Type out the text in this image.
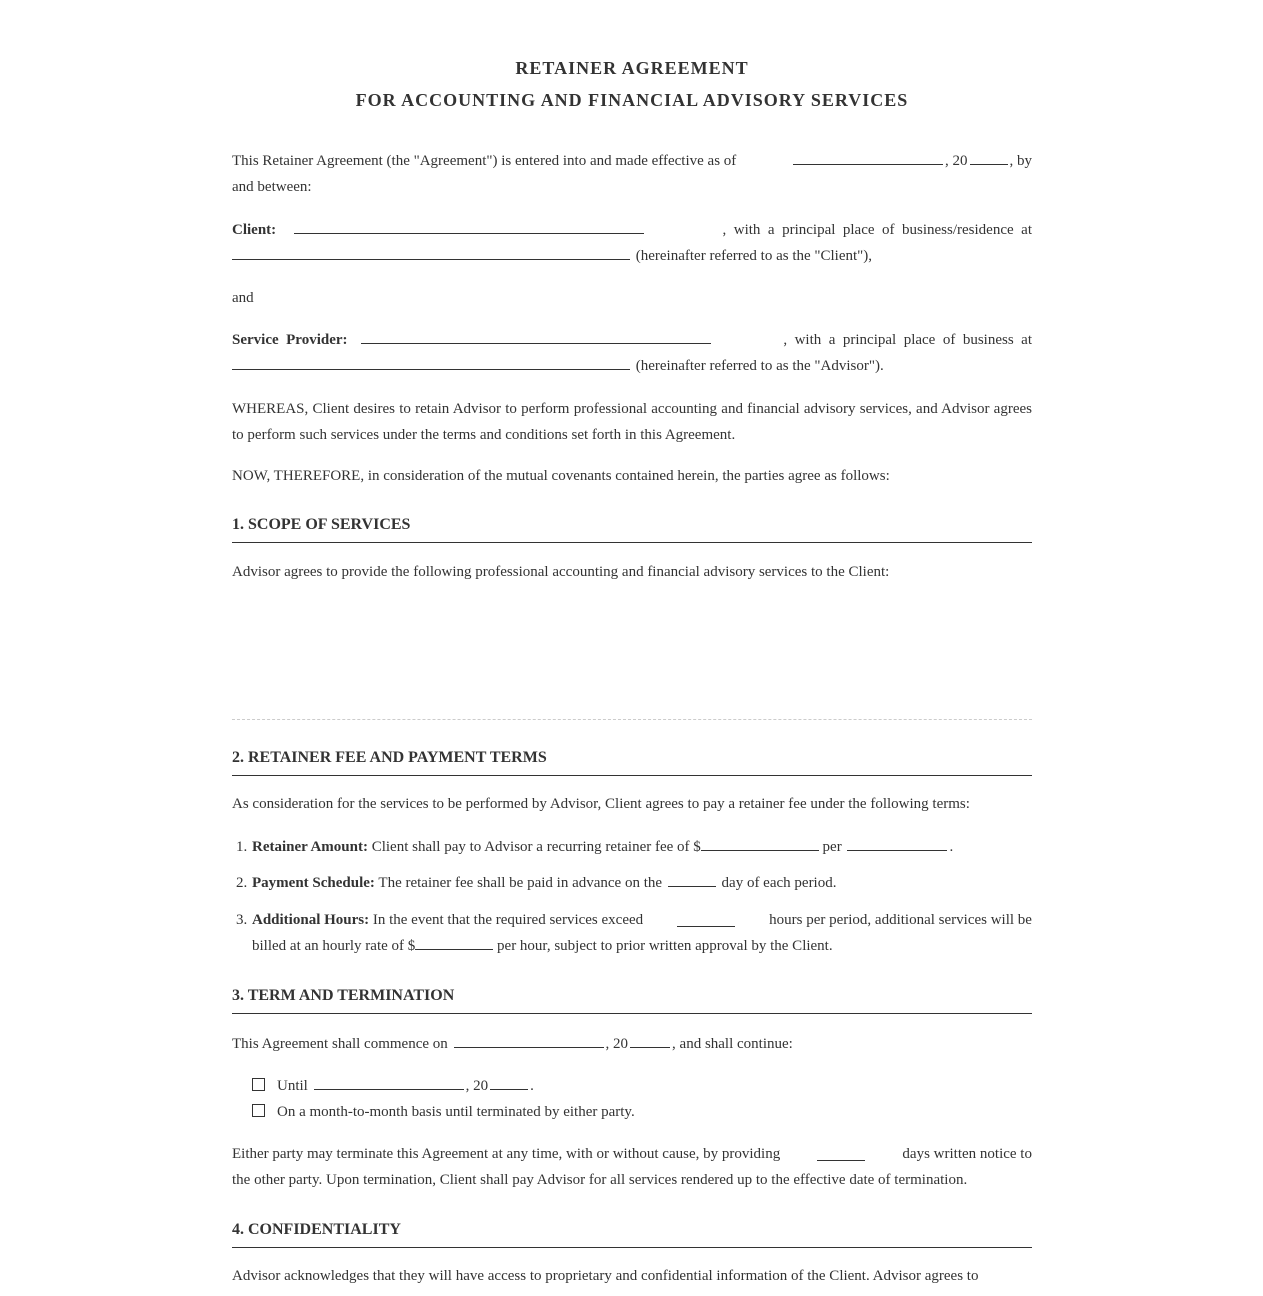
RETAINER AGREEMENT
FOR ACCOUNTING AND FINANCIAL ADVISORY SERVICES
This Retainer Agreement (the "Agreement") is entered into and made effective as of	, 20	, by
and between:
Client:	,  with  a  principal  place  of  business/residence  at
(hereinafter referred to as the "Client"),
and
Service  Provider:	,  with  a  principal  place  of  business  at
(hereinafter referred to as the "Advisor").
WHEREAS, Client desires to retain Advisor to perform professional accounting and financial advisory services, and Advisor agrees to perform such services under the terms and conditions set forth in this Agreement.
NOW, THEREFORE, in consideration of the mutual covenants contained herein, the parties agree as follows:
1. SCOPE OF SERVICES
Advisor agrees to provide the following professional accounting and financial advisory services to the Client:
2. RETAINER FEE AND PAYMENT TERMS
As consideration for the services to be performed by Advisor, Client agrees to pay a retainer fee under the following terms:
1. Retainer Amount: Client shall pay to Advisor a recurring retainer fee of $	per	.
2. Payment Schedule: The retainer fee shall be paid in advance on the	day of each period.
3. Additional Hours: In the event that the required services exceed	hours per period, additional services will be
billed at an hourly rate of $	per hour, subject to prior written approval by the Client.
3. TERM AND TERMINATION
This Agreement shall commence on	, 20	, and shall continue:
Until	, 20	.
On a month-to-month basis until terminated by either party.
Either party may terminate this Agreement at any time, with or without cause, by providing	days written notice to
the other party. Upon termination, Client shall pay Advisor for all services rendered up to the effective date of termination.
4. CONFIDENTIALITY
Advisor acknowledges that they will have access to proprietary and confidential information of the Client. Advisor agrees to
